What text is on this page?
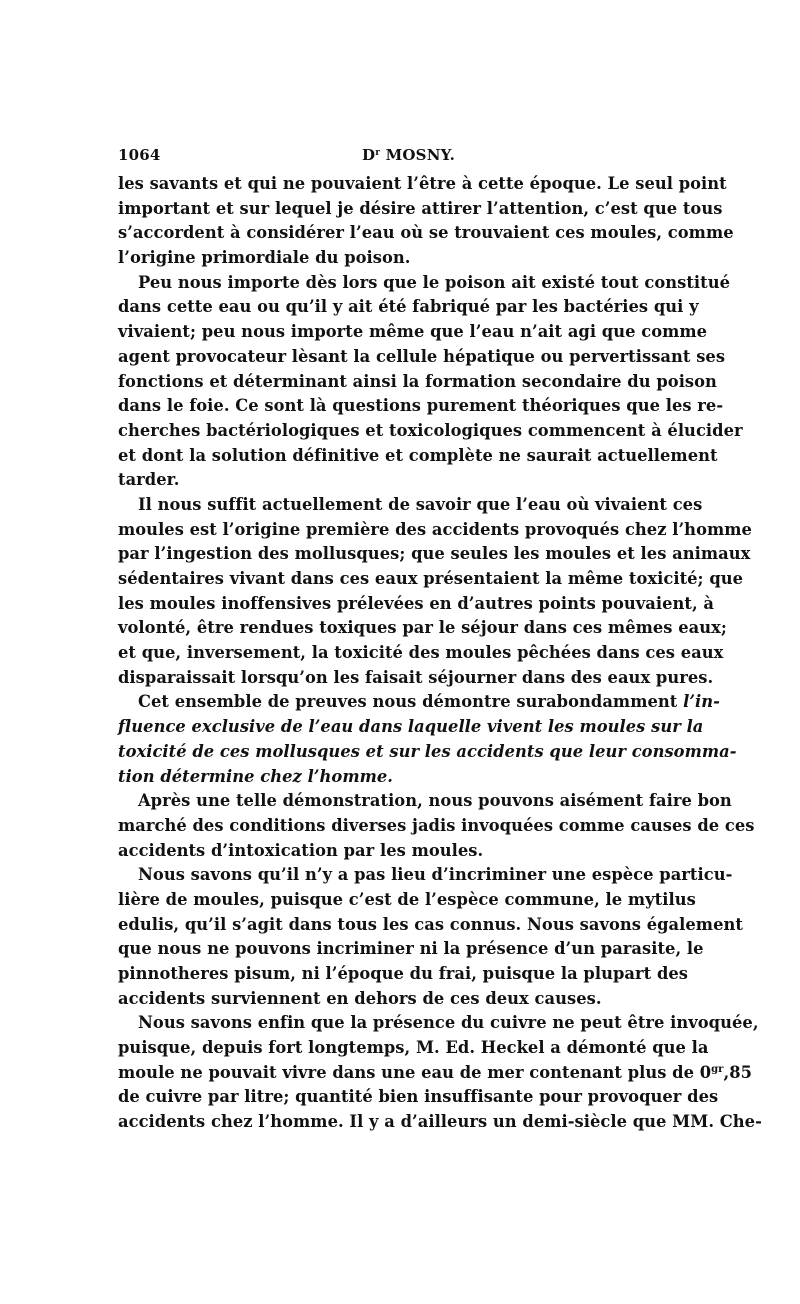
1064	$D^r$ MOSNY.
les savants et qui ne pouvaient l’être à cette époque. Le seul point
important et sur lequel je désire attirer l’attention, c’est que tous
s’accordent à considérer l’eau où se trouvaient ces moules, comme
l’origine primordiale du poison.
Peu nous importe dès lors que le poison ait existé tout constitué
dans cette eau ou qu’il y ait été fabriqué par les bactéries qui y
vivaient; peu nous importe même que l’eau n’ait agi que comme
agent provocateur lèsant la cellule hépatique ou pervertissant ses
fonctions et déterminant ainsi la formation secondaire du poison
dans le foie. Ce sont là questions purement théoriques que les re-
cherches bactériologiques et toxicologiques commencent à élucider
et dont la solution définitive et complète ne saurait actuellement
tarder.
Il nous suffit actuellement de savoir que l’eau où vivaient ces
moules est l’origine première des accidents provoqués chez l’homme
par l’ingestion des mollusques; que seules les moules et les animaux
sédentaires vivant dans ces eaux présentaient la même toxicité; que
les moules inoffensives prélevées en d’autres points pouvaient, à
volonté, être rendues toxiques par le séjour dans ces mêmes eaux;
et que, inversement, la toxicité des moules pêchées dans ces eaux
disparaissait lorsqu’on les faisait séjourner dans des eaux pures.
Cet ensemble de preuves nous démontre surabondamment l’in-
fluence exclusive de l’eau dans laquelle vivent les moules sur la
toxicité de ces mollusques et sur les accidents que leur consomma-
tion détermine chez l’homme.
Après une telle démonstration, nous pouvons aisément faire bon
marché des conditions diverses jadis invoquées comme causes de ces
accidents d’intoxication par les moules.
Nous savons qu’il n’y a pas lieu d’incriminer une espèce particu-
lière de moules, puisque c’est de l’espèce commune, le mytilus
edulis, qu’il s’agit dans tous les cas connus. Nous savons également
que nous ne pouvons incriminer ni la présence d’un parasite, le
pinnotheres pisum, ni l’époque du frai, puisque la plupart des
accidents surviennent en dehors de ces deux causes.
Nous savons enfin que la présence du cuivre ne peut être invoquée,
puisque, depuis fort longtemps, M. Ed. Heckel a démonté que la
moule ne pouvait vivre dans une eau de mer contenant plus de $0^{gr},85$
de cuivre par litre; quantité bien insuffisante pour provoquer des
accidents chez l’homme. Il y a d’ailleurs un demi-siècle que MM. Che-
